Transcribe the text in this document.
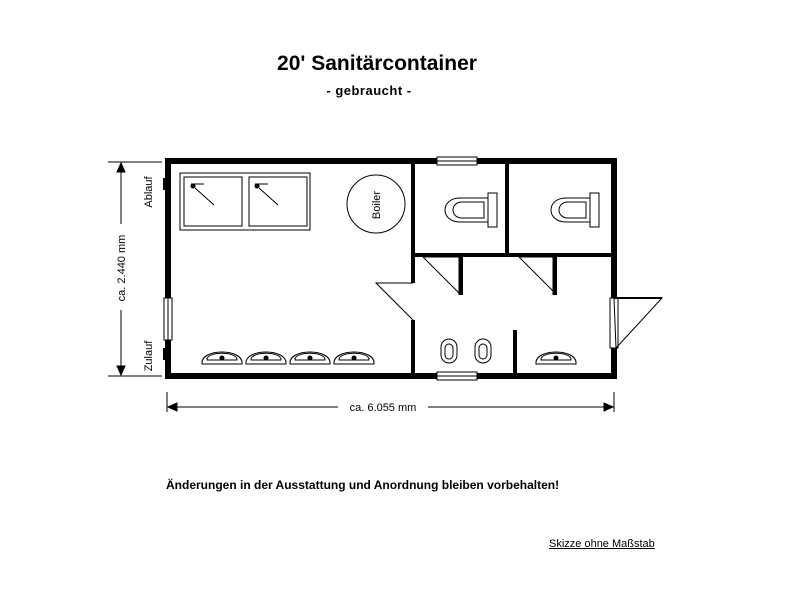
20' Sanitärcontainer
- gebraucht -
Boiler
Ablauf
Zulauf
ca. 2.440 mm
ca. 6.055 mm
Änderungen in der Ausstattung und Anordnung bleiben vorbehalten!
Skizze ohne Maßstab
